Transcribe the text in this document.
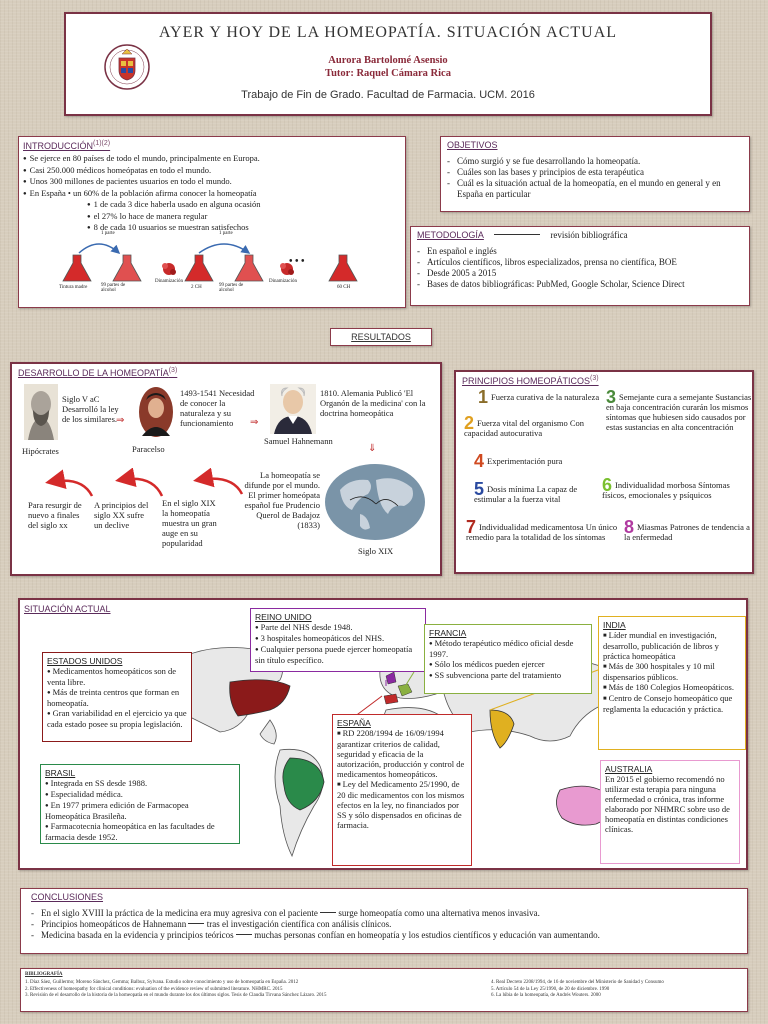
AYER Y HOY DE LA HOMEOPATÍA. SITUACIÓN ACTUAL
Aurora Bartolomé Asensio
Tutor: Raquel Cámara Rica
Trabajo de Fin de Grado. Facultad de Farmacia. UCM. 2016
$INTRODUCCIÓN^{(1)(2)}$
● Se ejerce en 80 países de todo el mundo, principalmente en Europa.
● Casi 250.000 médicos homeópatas en todo el mundo.
● Unos 300 millones de pacientes usuarios en todo el mundo.
● En España • un 60% de la población afirma conocer la homeopatía
● 1 de cada 3 dice haberla usado en alguna ocasión
● el 27% lo hace de manera regular
● 8 de cada 10 usuarios se muestran satisfechos
1 parte	1 parte
Tintura madre	99 partes de alcohol
Dinamización
2 CH	99 partes de alcohol
Dinamización
• • •
60 CH
OBJETIVOS
- Cómo surgió y se fue desarrollando la homeopatía.
- Cuáles son las bases y principios de esta terapéutica
- Cuál es la situación actual de la homeopatía, en el mundo en general y en España en particular
METODOLOGÍA	revisión bibliográfica
- En español e inglés
- Artículos científicos, libros especializados, prensa no científica, BOE
- Desde 2005 a 2015
- Bases de datos bibliográficas: PubMed, Google Scholar, Science Direct
RESULTADOS
DESARROLLO DE LA HOMEOPATÍA$^{(3)}$
Siglo V aC Desarrolló la ley de los similares.
Hipócrates
⇒
Paracelso
1493-1541 Necesidad de conocer la naturaleza y su funcionamiento	⇒
Samuel Hahnemann
1810. Alemania Publicó 'El Organón de la medicina' con la doctrina homeopática
⇓
Siglo XIX
La homeopatía se difunde por el mundo. El primer homeópata español fue Prudencio Querol de Badajoz (1833)
Para resurgir de nuevo a finales del siglo xx
A principios del siglo XX sufre un declive
En el siglo XIX la homeopatía muestra un gran auge en su popularidad
PRINCIPIOS HOMEOPÁTICOS$^{(3)}$
1 Fuerza curativa de la naturaleza
2 Fuerza vital del organismo Con capacidad autocurativa
3 Semejante cura a semejante Sustancias en baja concentración curarán los mismos síntomas que hubiesen sido causados por estas sustancias en alta concentración
4 Experimentación pura
5 Dosis mínima La capaz de estimular a la fuerza vital
6 Individualidad morbosa Síntomas físicos, emocionales y psíquicos
7 Individualidad medicamentosa Un único remedio para la totalidad de los síntomas	8 Miasmas Patrones de tendencia a la enfermedad
SITUACIÓN ACTUAL
ESTADOS UNIDOS
● Medicamentos homeopáticos son de venta libre.
● Más de treinta centros que forman en homeopatía.
● Gran variabilidad en el ejercicio ya que cada estado posee su propia legislación.
REINO UNIDO
● Parte del NHS desde 1948.
● 3 hospitales homeopáticos del NHS.
● Cualquier persona puede ejercer homeopatía sin título específico.
FRANCIA
● Método terapéutico médico oficial desde 1997.
● Sólo los médicos pueden ejercer
● SS subvenciona parte del tratamiento
INDIA
■ Líder mundial en investigación, desarrollo, publicación de libros y práctica homeopática
■ Más de 300 hospitales y 10 mil dispensarios públicos.
■ Más de 180 Colegios Homeopáticos.
■ Centro de Consejo homeopático que reglamenta la educación y práctica.
ESPAÑA
■ RD 2208/1994 de 16/09/1994 garantizar criterios de calidad, seguridad y eficacia de la autorización, producción y control de medicamentos homeopáticos.
■ Ley del Medicamento 25/1990, de 20 dic medicamentos con los mismos efectos en la ley, no financiados por SS y sólo dispensados en oficinas de farmacia.
BRASIL
● Integrada en SS desde 1988.
● Especialidad médica.
● En 1977 primera edición de Farmacopea Homeopática Brasileña.
● Farmacotecnia homeopática en las facultades de farmacia desde 1952.
AUSTRALIA
En 2015 el gobierno recomendó no utilizar esta terapia para ninguna enfermedad o crónica, tras informe elaborado por NHMRC sobre uso de homeopatía en distintas condiciones clínicas.
CONCLUSIONES
- En el siglo XVIII la práctica de la medicina era muy agresiva con el paciente surge homeopatía como una alternativa menos invasiva.
- Principios homeopáticos de Hahnemann tras el investigación científica con análisis clínicos.
- Medicina basada en la evidencia y principios teóricos muchas personas confían en homeopatía y los estudios científicos y educación van aumentando.
BIBLIOGRAFÍA
1. Díaz Sáez, Guillermo; Moreno Sánchez, Gemma; Balbuz, Sylvana. Estudio sobre conocimiento y uso de homeopatía en España. 2012
2. Effectiveness of homeopathy for clinical conditions: evaluation of the evidence review of submitted literature. NHMRC. 2015
3. Revisión de el desarrollo de la historia de la homeopatía en el mundo durante los dos últimos siglos. Tesis de Claudia Tirvana Sánchez Lázaro. 2015
4. Real Decreto 2208/1994, de 16 de noviembre del Ministerio de Sanidad y Consumo
5. Artículo 54 de la Ley 25/1990, de 20 de diciembre. 1990
6. La lúbia de la homeopatía, de Andrés Wouters. 2000
